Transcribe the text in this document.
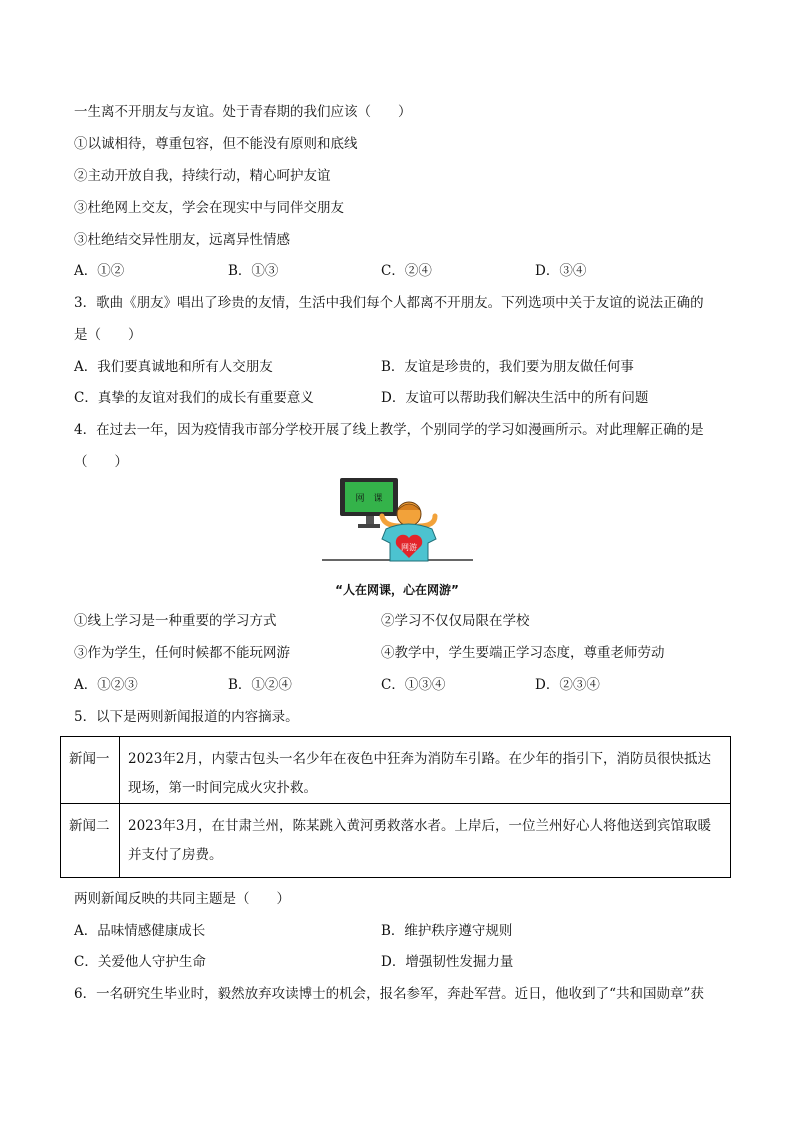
一生离不开朋友与友谊。处于青春期的我们应该（　　）
①以诚相待，尊重包容，但不能没有原则和底线
②主动开放自我，持续行动，精心呵护友谊
③杜绝网上交友，学会在现实中与同伴交朋友
③杜绝结交异性朋友，远离异性情感
A．①②	B．①③	C．②④	D．③④
3．歌曲《朋友》唱出了珍贵的友情，生活中我们每个人都离不开朋友。下列选项中关于友谊的说法正确的
是（　　）
A．我们要真诚地和所有人交朋友	B．友谊是珍贵的，我们要为朋友做任何事
C．真挚的友谊对我们的成长有重要意义	D．友谊可以帮助我们解决生活中的所有问题
4．在过去一年，因为疫情我市部分学校开展了线上教学，个别同学的学习如漫画所示。对此理解正确的是
（　　）
网　课
网游
“人在网课，心在网游”
①线上学习是一种重要的学习方式	②学习不仅仅局限在学校
③作为学生，任何时候都不能玩网游	④教学中，学生要端正学习态度，尊重老师劳动
A．①②③	B．①②④	C．①③④	D．②③④
5．以下是两则新闻报道的内容摘录。
新闻一	2023年2月，内蒙古包头一名少年在夜色中狂奔为消防车引路。在少年的指引下，消防员很快抵达现场，第一时间完成火灾扑救。
新闻二	2023年3月，在甘肃兰州，陈某跳入黄河勇救落水者。上岸后，一位兰州好心人将他送到宾馆取暖并支付了房费。
两则新闻反映的共同主题是（　　）
A．品味情感健康成长	B．维护秩序遵守规则
C．关爱他人守护生命	D．增强韧性发掘力量
6．一名研究生毕业时，毅然放弃攻读博士的机会，报名参军，奔赴军营。近日，他收到了“共和国勋章”获
